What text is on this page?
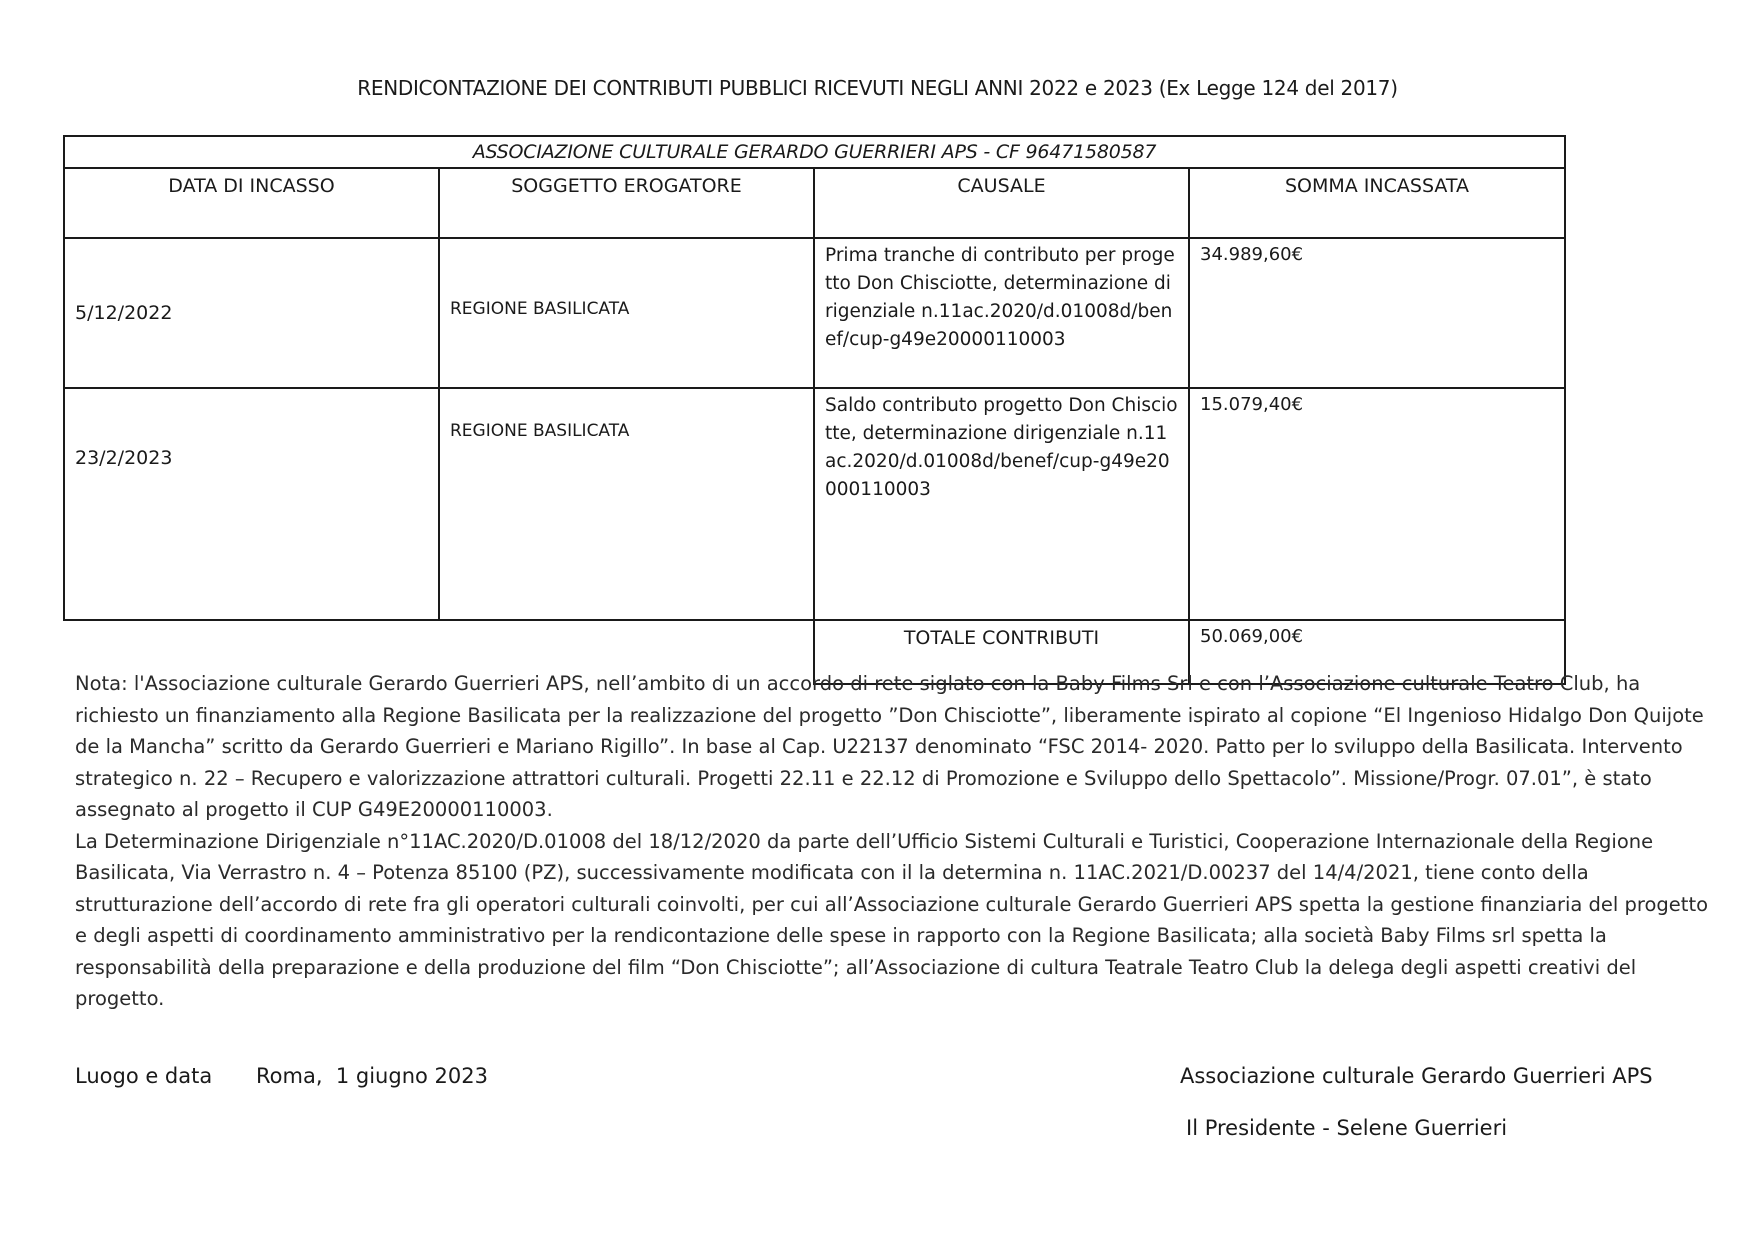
RENDICONTAZIONE DEI CONTRIBUTI PUBBLICI RICEVUTI NEGLI ANNI 2022 e 2023 (Ex Legge 124 del 2017)
ASSOCIAZIONE CULTURALE GERARDO GUERRIERI APS - CF 96471580587			
DATA DI INCASSO	SOGGETTO EROGATORE	CAUSALE	SOMMA INCASSATA
5/12/2022	REGIONE BASILICATA	Prima tranche di contributo per progetto Don Chisciotte, determinazione dirigenziale n.11ac.2020/d.01008d/benef/cup-g49e20000110003	34.989,60€
23/2/2023	REGIONE BASILICATA	Saldo contributo progetto Don Chisciotte, determinazione dirigenziale n.11ac.2020/d.01008d/benef/cup-g49e20000110003	15.079,40€
		TOTALE CONTRIBUTI	50.069,00€

Nota: l'Associazione culturale Gerardo Guerrieri APS, nell’ambito di un accordo di rete siglato con la Baby Films Srl e con l’Associazione culturale Teatro Club, ha richiesto un finanziamento alla Regione Basilicata per la realizzazione del progetto ”Don Chisciotte”, liberamente ispirato al copione “El Ingenioso Hidalgo Don Quijote de la Mancha” scritto da Gerardo Guerrieri e Mariano Rigillo”. In base al Cap. U22137 denominato “FSC 2014- 2020. Patto per lo sviluppo della Basilicata. Intervento strategico n. 22 – Recupero e valorizzazione attrattori culturali. Progetti 22.11 e 22.12 di Promozione e Sviluppo dello Spettacolo”. Missione/Progr. 07.01”, è stato assegnato al progetto il CUP G49E20000110003.

La Determinazione Dirigenziale n°11AC.2020/D.01008 del 18/12/2020 da parte dell’Ufficio Sistemi Culturali e Turistici, Cooperazione Internazionale della Regione Basilicata, Via Verrastro n. 4 – Potenza 85100 (PZ), successivamente modificata con il la determina n. 11AC.2021/D.00237 del 14/4/2021, tiene conto della strutturazione dell’accordo di rete fra gli operatori culturali coinvolti, per cui all’Associazione culturale Gerardo Guerrieri APS spetta la gestione finanziaria del progetto e degli aspetti di coordinamento amministrativo per la rendicontazione delle spese in rapporto con la Regione Basilicata; alla società Baby Films srl spetta la responsabilità della preparazione e della produzione del film “Don Chisciotte”; all’Associazione di cultura Teatrale Teatro Club la delega degli aspetti creativi del progetto.

Luogo e data Roma,  1 giugno 2023	Associazione culturale Gerardo Guerrieri APS
Il Presidente - Selene Guerrieri
